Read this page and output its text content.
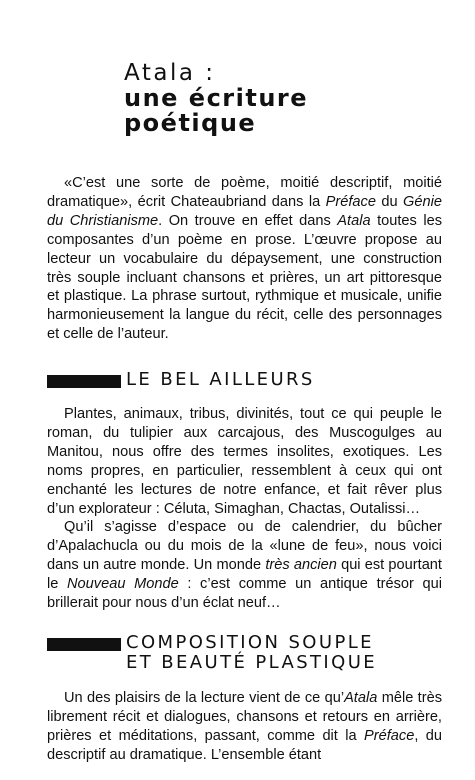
Atala :
une écriture
poétique

«C’est une sorte de poème, moitié descriptif, moitié dramatique», écrit Chateaubriand dans la Préface du Génie du Christianisme. On trouve en effet dans Atala toutes les composantes d’un poème en prose. L’œuvre propose au lecteur un vocabulaire du dépaysement, une construction très souple incluant chansons et prières, un art pittoresque et plastique. La phrase surtout, rythmique et musicale, unifie harmonieusement la langue du récit, celle des personnages et celle de l’auteur.

LE BEL AILLEURS

Plantes, animaux, tribus, divinités, tout ce qui peuple le roman, du tulipier aux carcajous, des Muscogulges au Manitou, nous offre des termes insolites, exotiques. Les noms propres, en particulier, ressemblent à ceux qui ont enchanté les lectures de notre enfance, et fait rêver plus d’un explorateur : Céluta, Simaghan, Chactas, Outalissi…

Qu’il s’agisse d’espace ou de calendrier, du bûcher d’Apalachucla ou du mois de la «lune de feu», nous voici dans un autre monde. Un monde très ancien qui est pourtant le Nouveau Monde : c’est comme un antique trésor qui brillerait pour nous d’un éclat neuf…

COMPOSITION SOUPLE
ET BEAUTÉ PLASTIQUE

Un des plaisirs de la lecture vient de ce qu’Atala mêle très librement récit et dialogues, chansons et retours en arrière, prières et méditations, passant, comme dit la Préface, du descriptif au dramatique. L’ensemble étant
